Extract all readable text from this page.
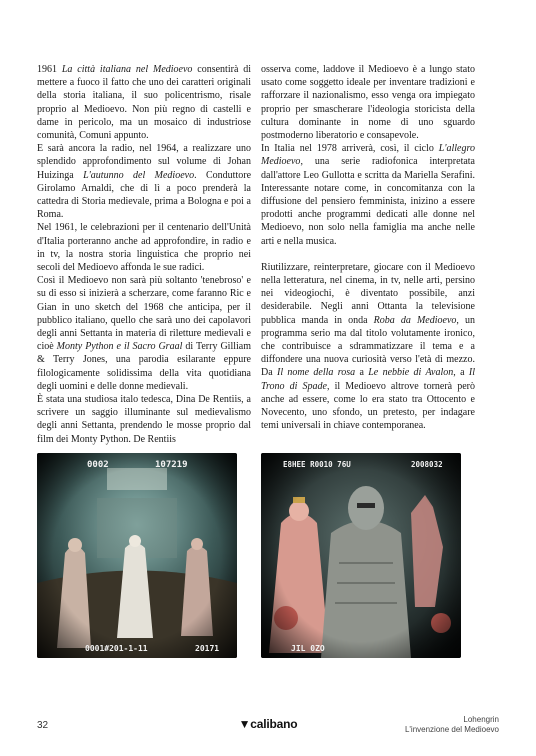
1961 La città italiana nel Medioevo consentirà di mettere a fuoco il fatto che uno dei caratteri originali della storia italiana, il suo policentrismo, risale proprio al Medioevo. Non più regno di castelli e dame in pericolo, ma un mosaico di industriose comunità, Comuni appunto.

E sarà ancora la radio, nel 1964, a realizzare uno splendido approfondimento sul volume di Johan Huizinga L'autunno del Medioevo. Conduttore Girolamo Arnaldi, che di lì a poco prenderà la cattedra di Storia medievale, prima a Bologna e poi a Roma.

Nel 1961, le celebrazioni per il centenario dell'Unità d'Italia porteranno anche ad approfondire, in radio e in tv, la nostra storia linguistica che proprio nei secoli del Medioevo affonda le sue radici.

Così il Medioevo non sarà più soltanto 'tenebroso' e su di esso si inizierà a scherzare, come faranno Ric e Gian in uno sketch del 1968 che anticipa, per il pubblico italiano, quello che sarà uno dei capolavori degli anni Settanta in materia di riletture medievali e cioè Monty Python e il Sacro Graal di Terry Gilliam & Terry Jones, una parodia esilarante eppure filologicamente solidissima della vita quotidiana degli uomini e delle donne medievali.

È stata una studiosa italo tedesca, Dina De Rentiis, a scrivere un saggio illuminante sul medievalismo degli anni Settanta, prendendo le mosse proprio dal film dei Monty Python. De Rentiis

osserva come, laddove il Medioevo è a lungo stato usato come soggetto ideale per inventare tradizioni e rafforzare il nazionalismo, esso venga ora impiegato proprio per smascherare l'ideologia storicista della cultura dominante in nome di uno sguardo postmoderno liberatorio e consapevole.

In Italia nel 1978 arriverà, così, il ciclo L'allegro Medioevo, una serie radiofonica interpretata dall'attore Leo Gullotta e scritta da Mariella Serafini. Interessante notare come, in concomitanza con la diffusione del pensiero femminista, inizino a essere prodotti anche programmi dedicati alle donne nel Medioevo, non solo nella famiglia ma anche nelle arti e nella musica.

Riutilizzare, reinterpretare, giocare con il Medioevo nella letteratura, nel cinema, in tv, nelle arti, persino nei videogiochi, è diventato possibile, anzi desiderabile. Negli anni Ottanta la televisione pubblica manda in onda Roba da Medioevo, un programma serio ma dal titolo volutamente ironico, che contribuisce a sdrammatizzare il tema e a diffondere una nuova curiosità verso l'età di mezzo. Da Il nome della rosa a Le nebbie di Avalon, a Il Trono di Spade, il Medioevo altrove tornerà però anche ad essere, come lo era stato tra Ottocento e Novecento, uno sfondo, un pretesto, per indagare temi universali in chiave contemporanea.

0002	107219
0001#201-1-11	20171
E8HEE R0010 76U	2008032
JIL 0ZO
32	▼calibano	Lohengrin
L'invenzione del Medioevo
